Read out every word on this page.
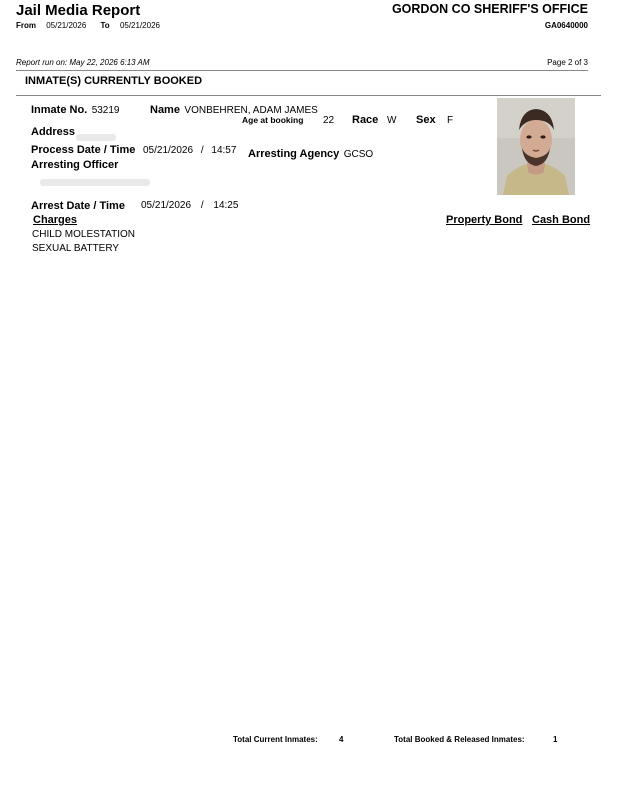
Jail Media Report	GORDON CO SHERIFF'S OFFICE
From 05/21/2026 To 05/21/2026	GA0640000
Report run on: May 22, 2026 6:13 AM	Page 2 of 3
INMATE(S) CURRENTLY BOOKED
Inmate No. 53219	Name VONBEHREN, ADAM JAMES
Age at booking 22 Race W Sex F
Address
Process Date / Time 05/21/2026 / 14:57 Arresting Agency GCSO
Arresting Officer
Arrest Date / Time 05/21/2026 / 14:25
Charges	Property Bond Cash Bond
CHILD MOLESTATION
SEXUAL BATTERY
Total Current Inmates:	4	Total Booked & Released Inmates:	1
